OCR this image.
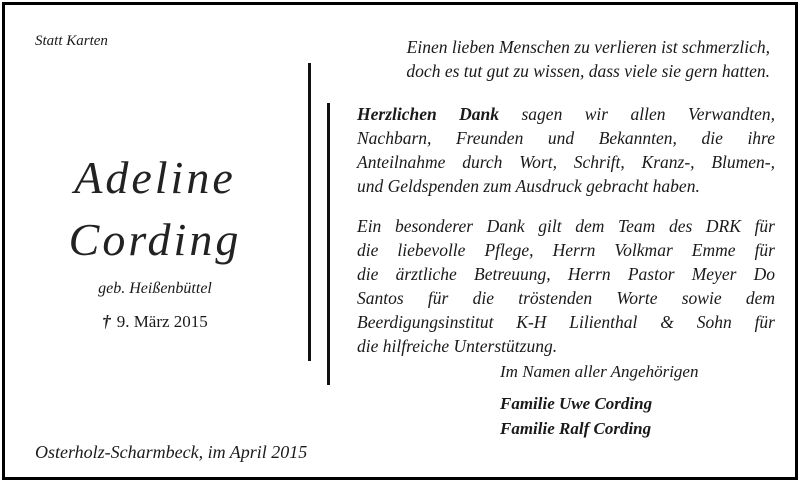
Statt Karten
Adeline
Cording
geb. Heißenbüttel
† 9. März 2015
Osterholz-Scharmbeck, im April 2015
Einen lieben Menschen zu verlieren ist schmerzlich,
doch es tut gut zu wissen, dass viele sie gern hatten.
Herzlichen Dank sagen wir allen Verwandten,
Nachbarn, Freunden und Bekannten, die ihre
Anteilnahme durch Wort, Schrift, Kranz-, Blumen-,
und Geldspenden zum Ausdruck gebracht haben.
Ein besonderer Dank gilt dem Team des DRK für
die liebevolle Pflege, Herrn Volkmar Emme für
die ärztliche Betreuung, Herrn Pastor Meyer Do
Santos für die tröstenden Worte sowie dem
Beerdigungsinstitut K-H Lilienthal & Sohn für
die hilfreiche Unterstützung.
Im Namen aller Angehörigen
Familie Uwe Cording
Familie Ralf Cording
